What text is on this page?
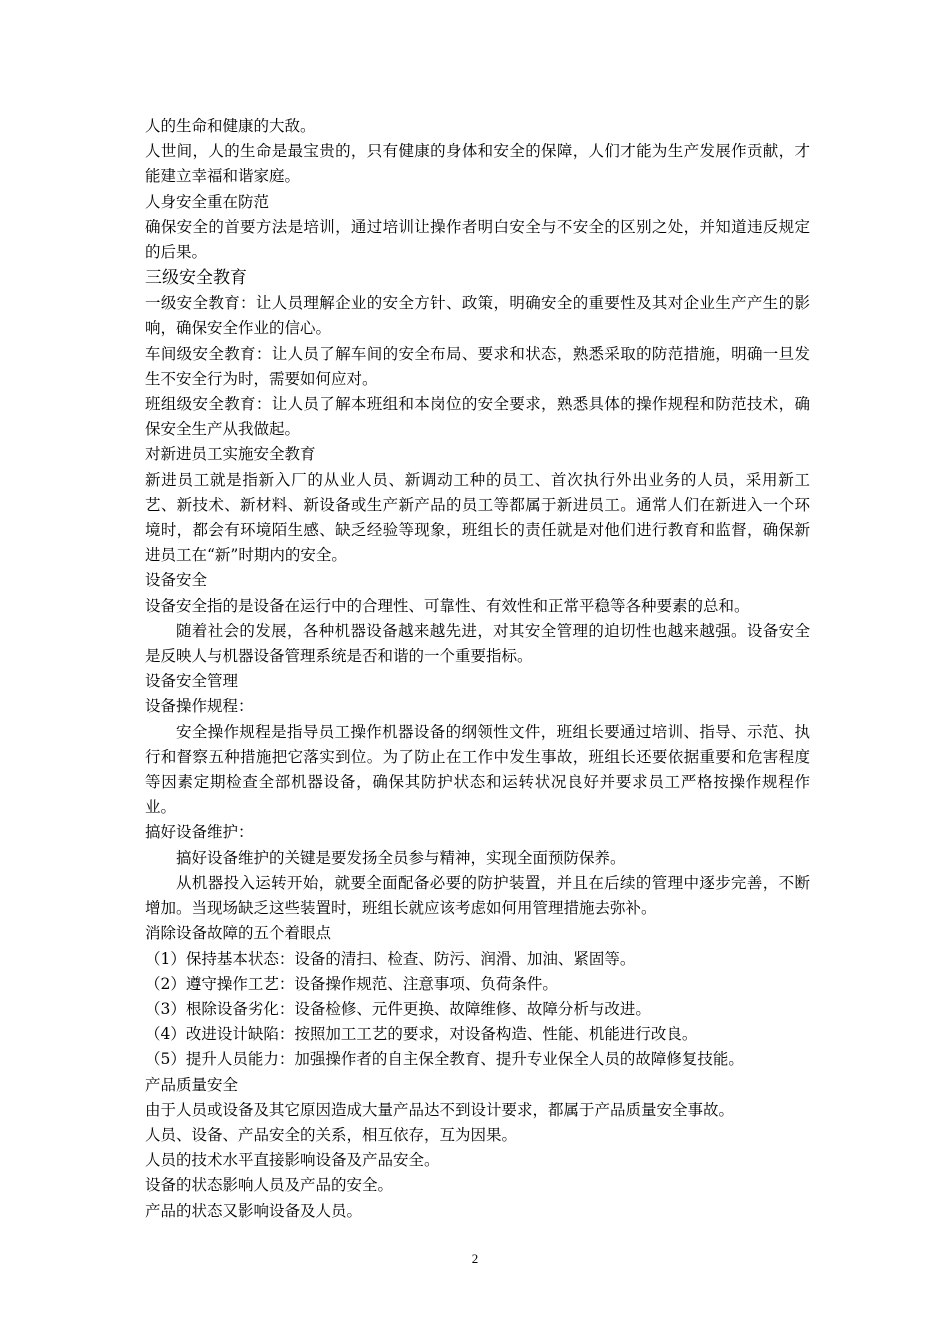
人的生命和健康的大敌。

人世间，人的生命是最宝贵的，只有健康的身体和安全的保障，人们才能为生产发展作贡献，才能建立幸福和谐家庭。

人身安全重在防范

确保安全的首要方法是培训，通过培训让操作者明白安全与不安全的区别之处，并知道违反规定的后果。

三级安全教育

一级安全教育：让人员理解企业的安全方针、政策，明确安全的重要性及其对企业生产产生的影响，确保安全作业的信心。

车间级安全教育：让人员了解车间的安全布局、要求和状态，熟悉采取的防范措施，明确一旦发生不安全行为时，需要如何应对。

班组级安全教育：让人员了解本班组和本岗位的安全要求，熟悉具体的操作规程和防范技术，确保安全生产从我做起。

对新进员工实施安全教育

新进员工就是指新入厂的从业人员、新调动工种的员工、首次执行外出业务的人员，采用新工艺、新技术、新材料、新设备或生产新产品的员工等都属于新进员工。通常人们在新进入一个环境时，都会有环境陌生感、缺乏经验等现象，班组长的责任就是对他们进行教育和监督，确保新进员工在“新”时期内的安全。

设备安全

设备安全指的是设备在运行中的合理性、可靠性、有效性和正常平稳等各种要素的总和。

随着社会的发展，各种机器设备越来越先进，对其安全管理的迫切性也越来越强。设备安全是反映人与机器设备管理系统是否和谐的一个重要指标。

设备安全管理

设备操作规程：

安全操作规程是指导员工操作机器设备的纲领性文件，班组长要通过培训、指导、示范、执行和督察五种措施把它落实到位。为了防止在工作中发生事故，班组长还要依据重要和危害程度等因素定期检查全部机器设备，确保其防护状态和运转状况良好并要求员工严格按操作规程作业。

搞好设备维护：

搞好设备维护的关键是要发扬全员参与精神，实现全面预防保养。

从机器投入运转开始，就要全面配备必要的防护装置，并且在后续的管理中逐步完善，不断增加。当现场缺乏这些装置时，班组长就应该考虑如何用管理措施去弥补。

消除设备故障的五个着眼点

（1）保持基本状态：设备的清扫、检查、防污、润滑、加油、紧固等。

（2）遵守操作工艺：设备操作规范、注意事项、负荷条件。

（3）根除设备劣化：设备检修、元件更换、故障维修、故障分析与改进。

（4）改进设计缺陷：按照加工工艺的要求，对设备构造、性能、机能进行改良。

（5）提升人员能力：加强操作者的自主保全教育、提升专业保全人员的故障修复技能。

产品质量安全

由于人员或设备及其它原因造成大量产品达不到设计要求，都属于产品质量安全事故。

人员、设备、产品安全的关系，相互依存，互为因果。

人员的技术水平直接影响设备及产品安全。

设备的状态影响人员及产品的安全。

产品的状态又影响设备及人员。

2
